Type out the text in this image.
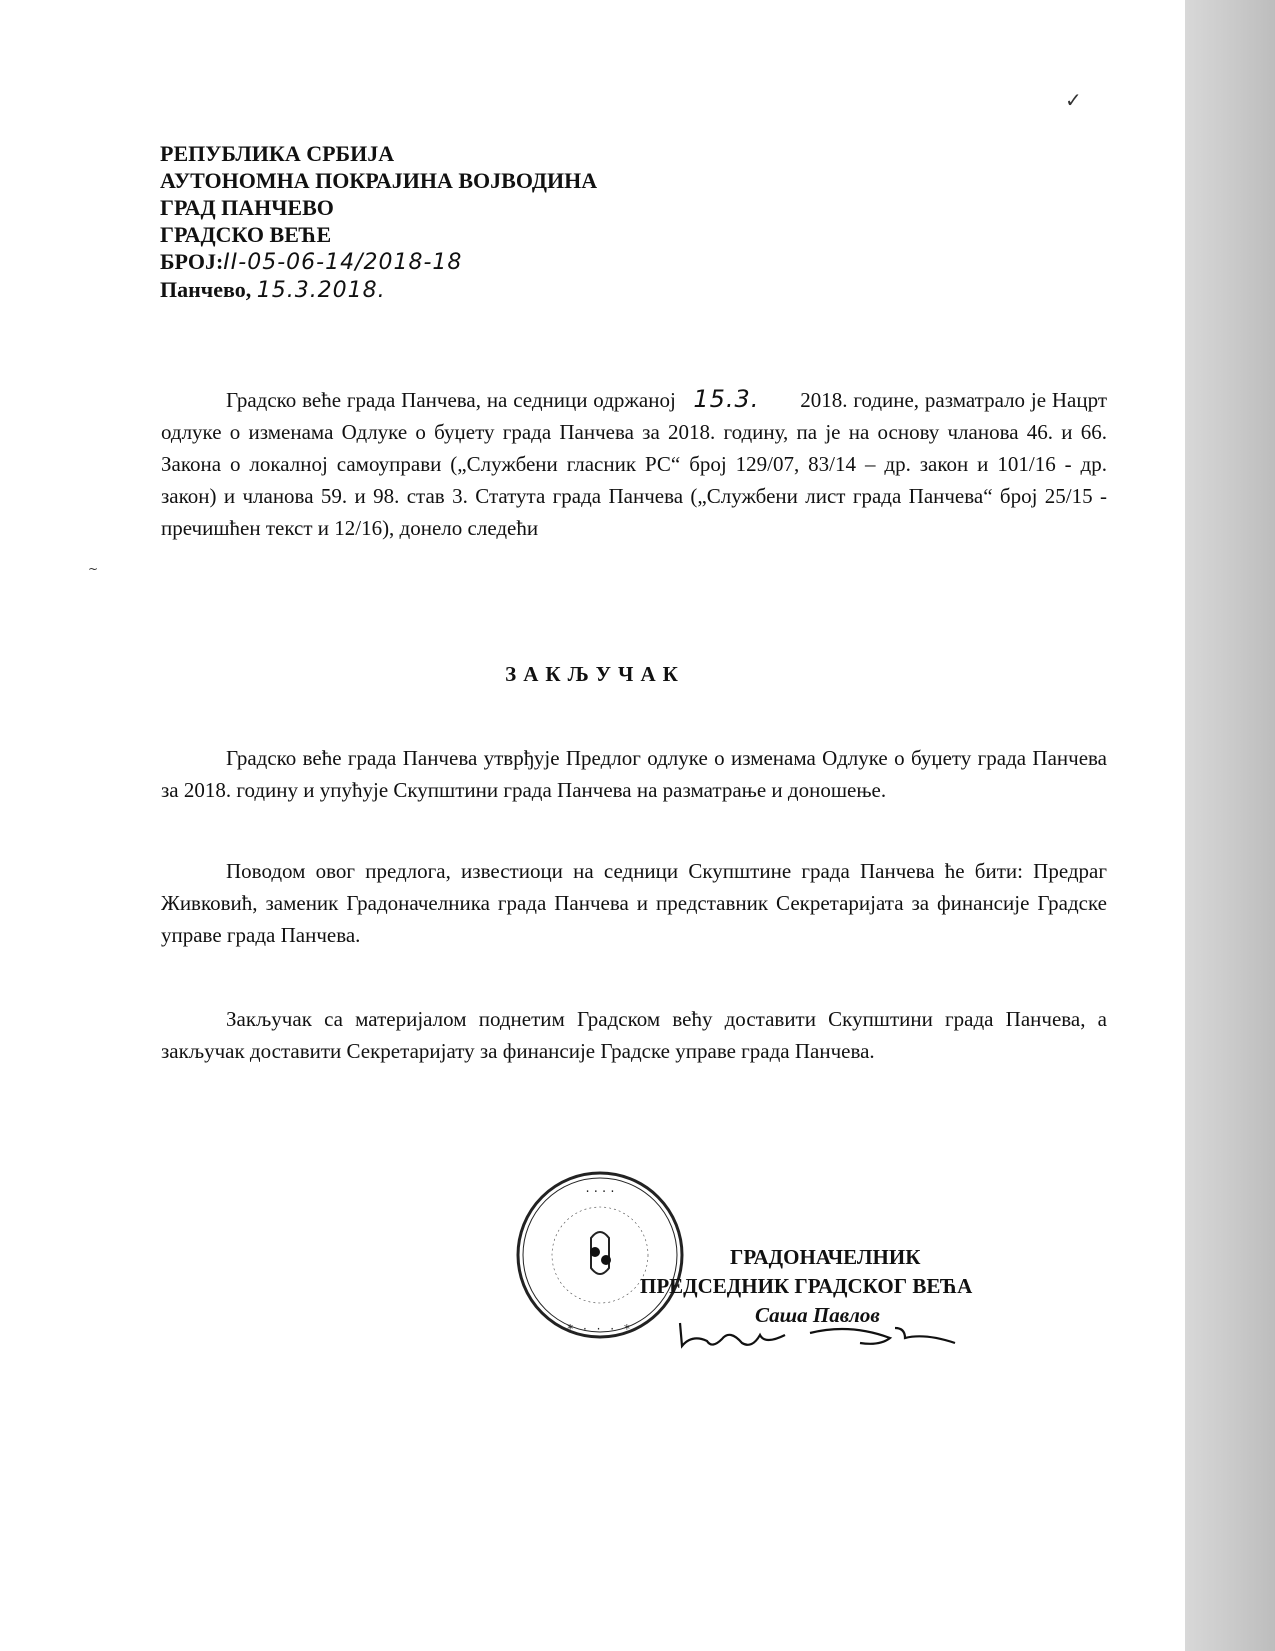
✓
~
РЕПУБЛИКА СРБИЈА
АУТОНОМНА ПОКРАЈИНА ВОЈВОДИНА
ГРАД ПАНЧЕВО
ГРАДСКО ВЕЋЕ
БРОЈ:II-05-06-14/2018-18
Панчево, 15.3.2018.
Градско веће града Панчева, на седници одржаној 15.3. 2018. године, разматрало је Нацрт одлуке о изменама Одлуке о буџету града Панчева за 2018. годину, па је на основу чланова 46. и 66. Закона о локалној самоуправи („Службени гласник РС“ број 129/07, 83/14 – др. закон и 101/16 - др. закон) и чланова 59. и 98. став 3. Статута града Панчева („Службени лист града Панчева“ број 25/15 - пречишћен текст и 12/16), донело следећи
ЗАКЉУЧАК
Градско веће града Панчева утврђује Предлог одлуке о изменама Одлуке о буџету града Панчева за 2018. годину и упућује Скупштини града Панчева на разматрање и доношење.
Поводом овог предлога, известиоци на седници Скупштине града Панчева ће бити: Предраг Живковић, заменик Градоначелника града Панчева и представник Секретаријата за финансије Градске управе града Панчева.
Закључак са материјалом поднетим Градском већу доставити Скупштини града Панчева, а закључак доставити Секретаријату за финансије Градске управе града Панчева.
· · · ·
* · · · *
ГРАДОНАЧЕЛНИК
ПРЕДСЕДНИК ГРАДСКОГ ВЕЋА
Саша Павлов
